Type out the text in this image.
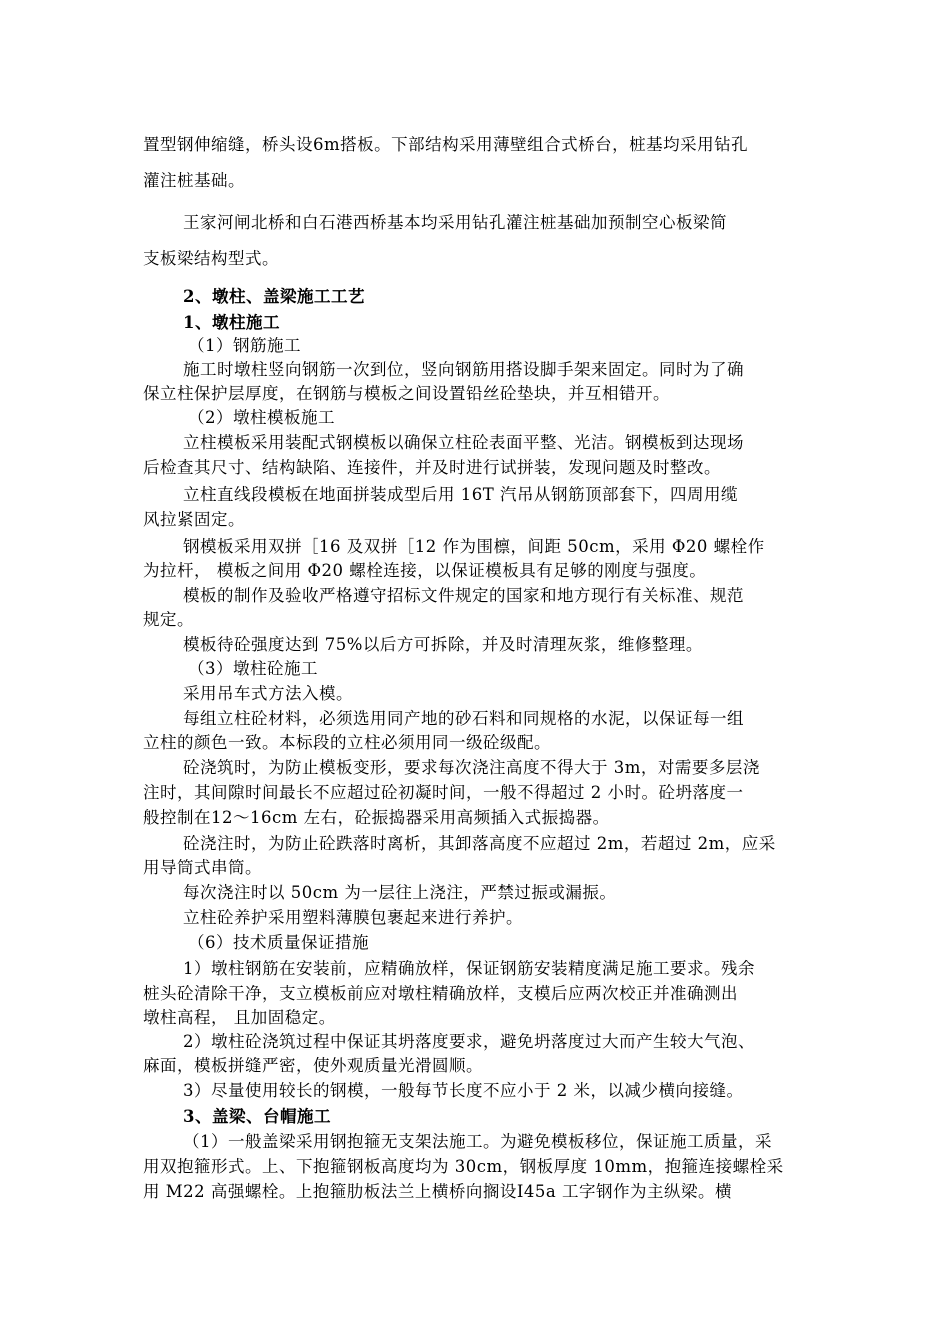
置型钢伸缩缝，桥头设6m搭板。下部结构采用薄壁组合式桥台，桩基均采用钻孔
灌注桩基础。
王家河闸北桥和白石港西桥基本均采用钻孔灌注桩基础加预制空心板梁简
支板梁结构型式。
2、墩柱、盖梁施工工艺
1、墩柱施工
（1）钢筋施工
施工时墩柱竖向钢筋一次到位，竖向钢筋用搭设脚手架来固定。同时为了确
保立柱保护层厚度，在钢筋与模板之间设置铅丝砼垫块，并互相错开。
（2）墩柱模板施工
立柱模板采用装配式钢模板以确保立柱砼表面平整、光洁。钢模板到达现场
后检查其尺寸、结构缺陷、连接件，并及时进行试拼装，发现问题及时整改。
立柱直线段模板在地面拼装成型后用 16T 汽吊从钢筋顶部套下，四周用缆
风拉紧固定。
钢模板采用双拼［16 及双拼［12 作为围檩，间距 50cm，采用 Φ20 螺栓作
为拉杆， 模板之间用 Φ20 螺栓连接，以保证模板具有足够的刚度与强度。
模板的制作及验收严格遵守招标文件规定的国家和地方现行有关标准、规范
规定。
模板待砼强度达到 75%以后方可拆除，并及时清理灰浆，维修整理。
（3）墩柱砼施工
采用吊车式方法入模。
每组立柱砼材料，必须选用同产地的砂石料和同规格的水泥，以保证每一组
立柱的颜色一致。本标段的立柱必须用同一级砼级配。
砼浇筑时，为防止模板变形，要求每次浇注高度不得大于 3m，对需要多层浇
注时，其间隙时间最长不应超过砼初凝时间，一般不得超过 2 小时。砼坍落度一
般控制在12～16cm 左右，砼振捣器采用高频插入式振捣器。
砼浇注时，为防止砼跌落时离析，其卸落高度不应超过 2m，若超过 2m，应采
用导筒式串筒。
每次浇注时以 50cm 为一层往上浇注，严禁过振或漏振。
立柱砼养护采用塑料薄膜包裹起来进行养护。
（6）技术质量保证措施
1）墩柱钢筋在安装前，应精确放样，保证钢筋安装精度满足施工要求。残余
桩头砼清除干净，支立模板前应对墩柱精确放样，支模后应两次校正并准确测出
墩柱高程， 且加固稳定。
2）墩柱砼浇筑过程中保证其坍落度要求，避免坍落度过大而产生较大气泡、
麻面，模板拼缝严密，使外观质量光滑圆顺。
3）尽量使用较长的钢模，一般每节长度不应小于 2 米，以减少横向接缝。
3、盖梁、台帽施工
（1）一般盖梁采用钢抱箍无支架法施工。为避免模板移位，保证施工质量，采
用双抱箍形式。上、下抱箍钢板高度均为 30cm，钢板厚度 10mm，抱箍连接螺栓采
用 M22 高强螺栓。上抱箍肋板法兰上横桥向搁设Ⅰ45a 工字钢作为主纵梁。横
